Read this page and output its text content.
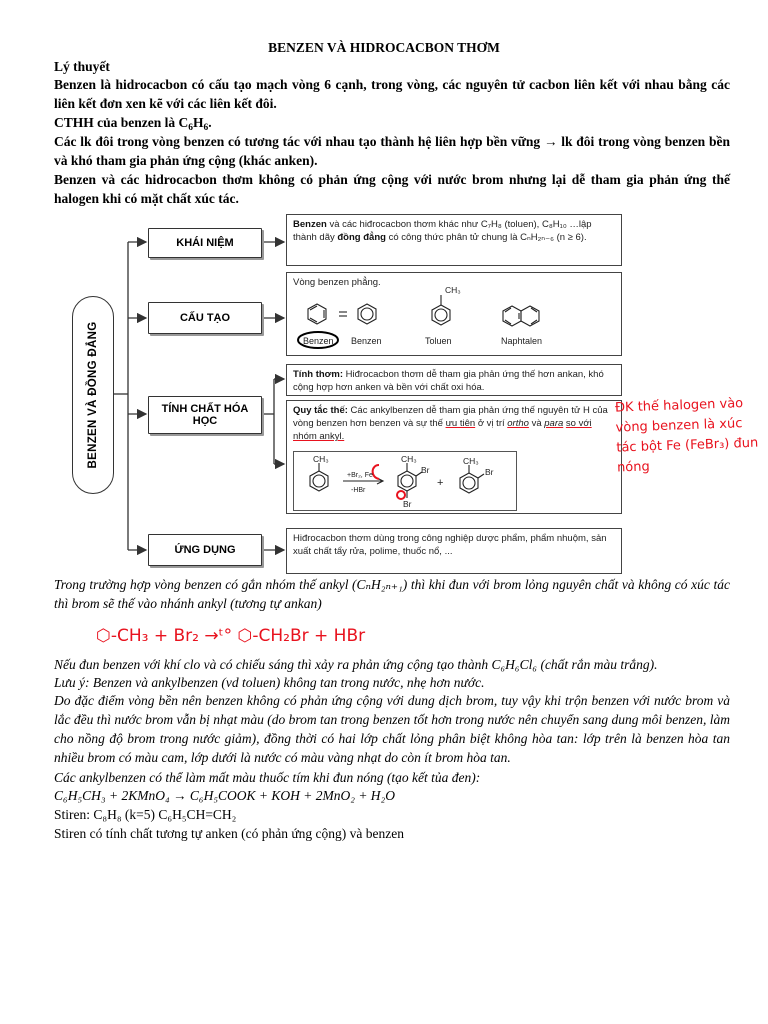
BENZEN VÀ HIDROCACBON THƠM
Lý thuyết
Benzen là hidrocacbon có cấu tạo mạch vòng 6 cạnh, trong vòng, các nguyên tử cacbon liên kết với nhau bằng các liên kết đơn xen kẽ với các liên kết đôi.
CTHH của benzen là $C_6H_6$.
Các lk đôi trong vòng benzen có tương tác với nhau tạo thành hệ liên hợp bền vững → lk đôi trong vòng benzen bền và khó tham gia phản ứng cộng (khác anken).
Benzen và các hidrocacbon thơm không có phản ứng cộng với nước brom nhưng lại dễ tham gia phản ứng thế halogen khi có mặt chất xúc tác.
BENZEN VÀ ĐỒNG ĐẲNG
KHÁI NIỆM
CẤU TẠO
TÍNH CHẤT HÓA HỌC
ỨNG DỤNG
Benzen và các hiđrocacbon thơm khác như C₇H₈ (toluen), C₈H₁₀ …lập thành dãy đồng đẳng có công thức phân tử chung là CₙH₂ₙ₋₆ (n ≥ 6).
Vòng benzen phẳng.
CH₃
Benzen Benzen	Toluen	Naphtalen
Tính thơm: Hiđrocacbon thơm dễ tham gia phản ứng thế hơn ankan, khó cộng hợp hơn anken và bền với chất oxi hóa.
Quy tắc thế: Các ankylbenzen dễ tham gia phản ứng thế nguyên tử H của vòng benzen hơn benzen và sự thế ưu tiên ở vị trí ortho và para so với nhóm ankyl.
CH₃
+Br₂, Fe
-HBr
CH₃
Br
Br
+
CH₃
Br
Hiđrocacbon thơm dùng trong công nghiệp dược phẩm, phẩm nhuộm, sản xuất chất tẩy rửa, polime, thuốc nổ, ...
ĐK thế halogen vào vòng benzen là xúc tác bột Fe (FeBr₃) đun nóng
Trong trường hợp vòng benzen có gắn nhóm thế ankyl (CₙH₂ₙ₊₁) thì khi đun với brom lỏng nguyên chất và không có xúc tác thì brom sẽ thế vào nhánh ankyl (tương tự ankan)
⬡-CH₃ + Br₂ →ᵗ° ⬡-CH₂Br + HBr
Nếu đun benzen với khí clo và có chiếu sáng thì xảy ra phản ứng cộng tạo thành C₆H₆Cl₆ (chất rắn màu trắng).
Lưu ý: Benzen và ankylbenzen (vd toluen) không tan trong nước, nhẹ hơn nước.
Do đặc điểm vòng bền nên benzen không có phản ứng cộng với dung dịch brom, tuy vậy khi trộn benzen với nước brom và lắc đều thì nước brom vẫn bị nhạt màu (do brom tan trong benzen tốt hơn trong nước nên chuyển sang dung môi benzen, làm cho nồng độ brom trong nước giảm), đồng thời có hai lớp chất lỏng phân biệt không hòa tan: lớp trên là benzen hòa tan nhiều brom có màu cam, lớp dưới là nước có màu vàng nhạt do còn ít brom hòa tan.
Các ankylbenzen có thể làm mất màu thuốc tím khi đun nóng (tạo kết tủa đen):
C₆H₅CH₃ + 2KMnO₄ → C₆H₅COOK + KOH + 2MnO₂ + H₂O
Stiren: C₈H₈ (k=5) C₆H₅CH=CH₂
Stiren có tính chất tương tự anken (có phản ứng cộng) và benzen
